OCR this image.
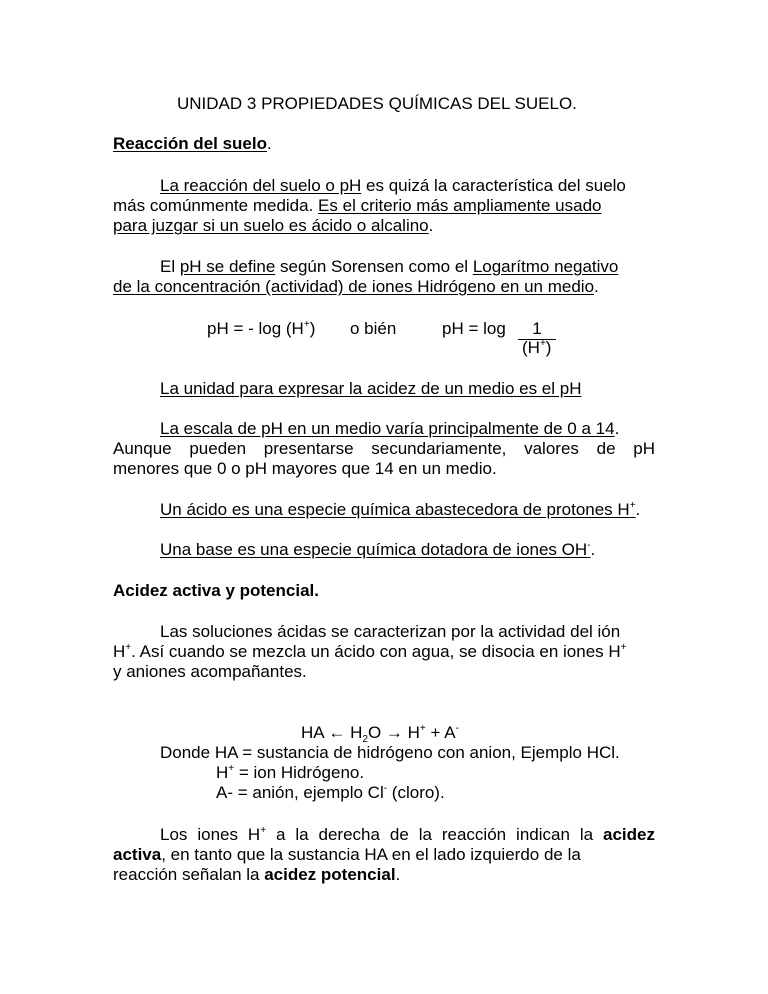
UNIDAD 3 PROPIEDADES QUÍMICAS DEL SUELO.
Reacción del suelo.
La reacción del suelo o pH es quizá la característica del suelo
más comúnmente medida. Es el criterio más ampliamente usado
para juzgar si un suelo es ácido o alcalino.
El pH se define según Sorensen como el Logarítmo negativo
de la concentración (actividad) de iones Hidrógeno en un medio.
pH = - log (H+) o bién	pH = log	1
(H+)
La unidad para expresar la acidez de un medio es el pH
La escala de pH en un medio varía principalmente de 0 a 14.
Aunque pueden presentarse secundariamente, valores de pH
menores que 0 o pH mayores que 14 en un medio.
Un ácido es una especie química abastecedora de protones H+.
Una base es una especie química dotadora de iones OH-.
Acidez activa y potencial.
Las soluciones ácidas se caracterizan por la actividad del ión
H+. Así cuando se mezcla un ácido con agua, se disocia en iones H+
y aniones acompañantes.
HA ← $H_2O \to H^+ + A^-$
Donde HA = sustancia de hidrógeno con anion, Ejemplo HCl.
H+ = ion Hidrógeno.
A- = anión, ejemplo Cl- (cloro).
Los iones H+ a la derecha de la reacción indican la acidez
activa, en tanto que la sustancia HA en el lado izquierdo de la
reacción señalan la acidez potencial.
